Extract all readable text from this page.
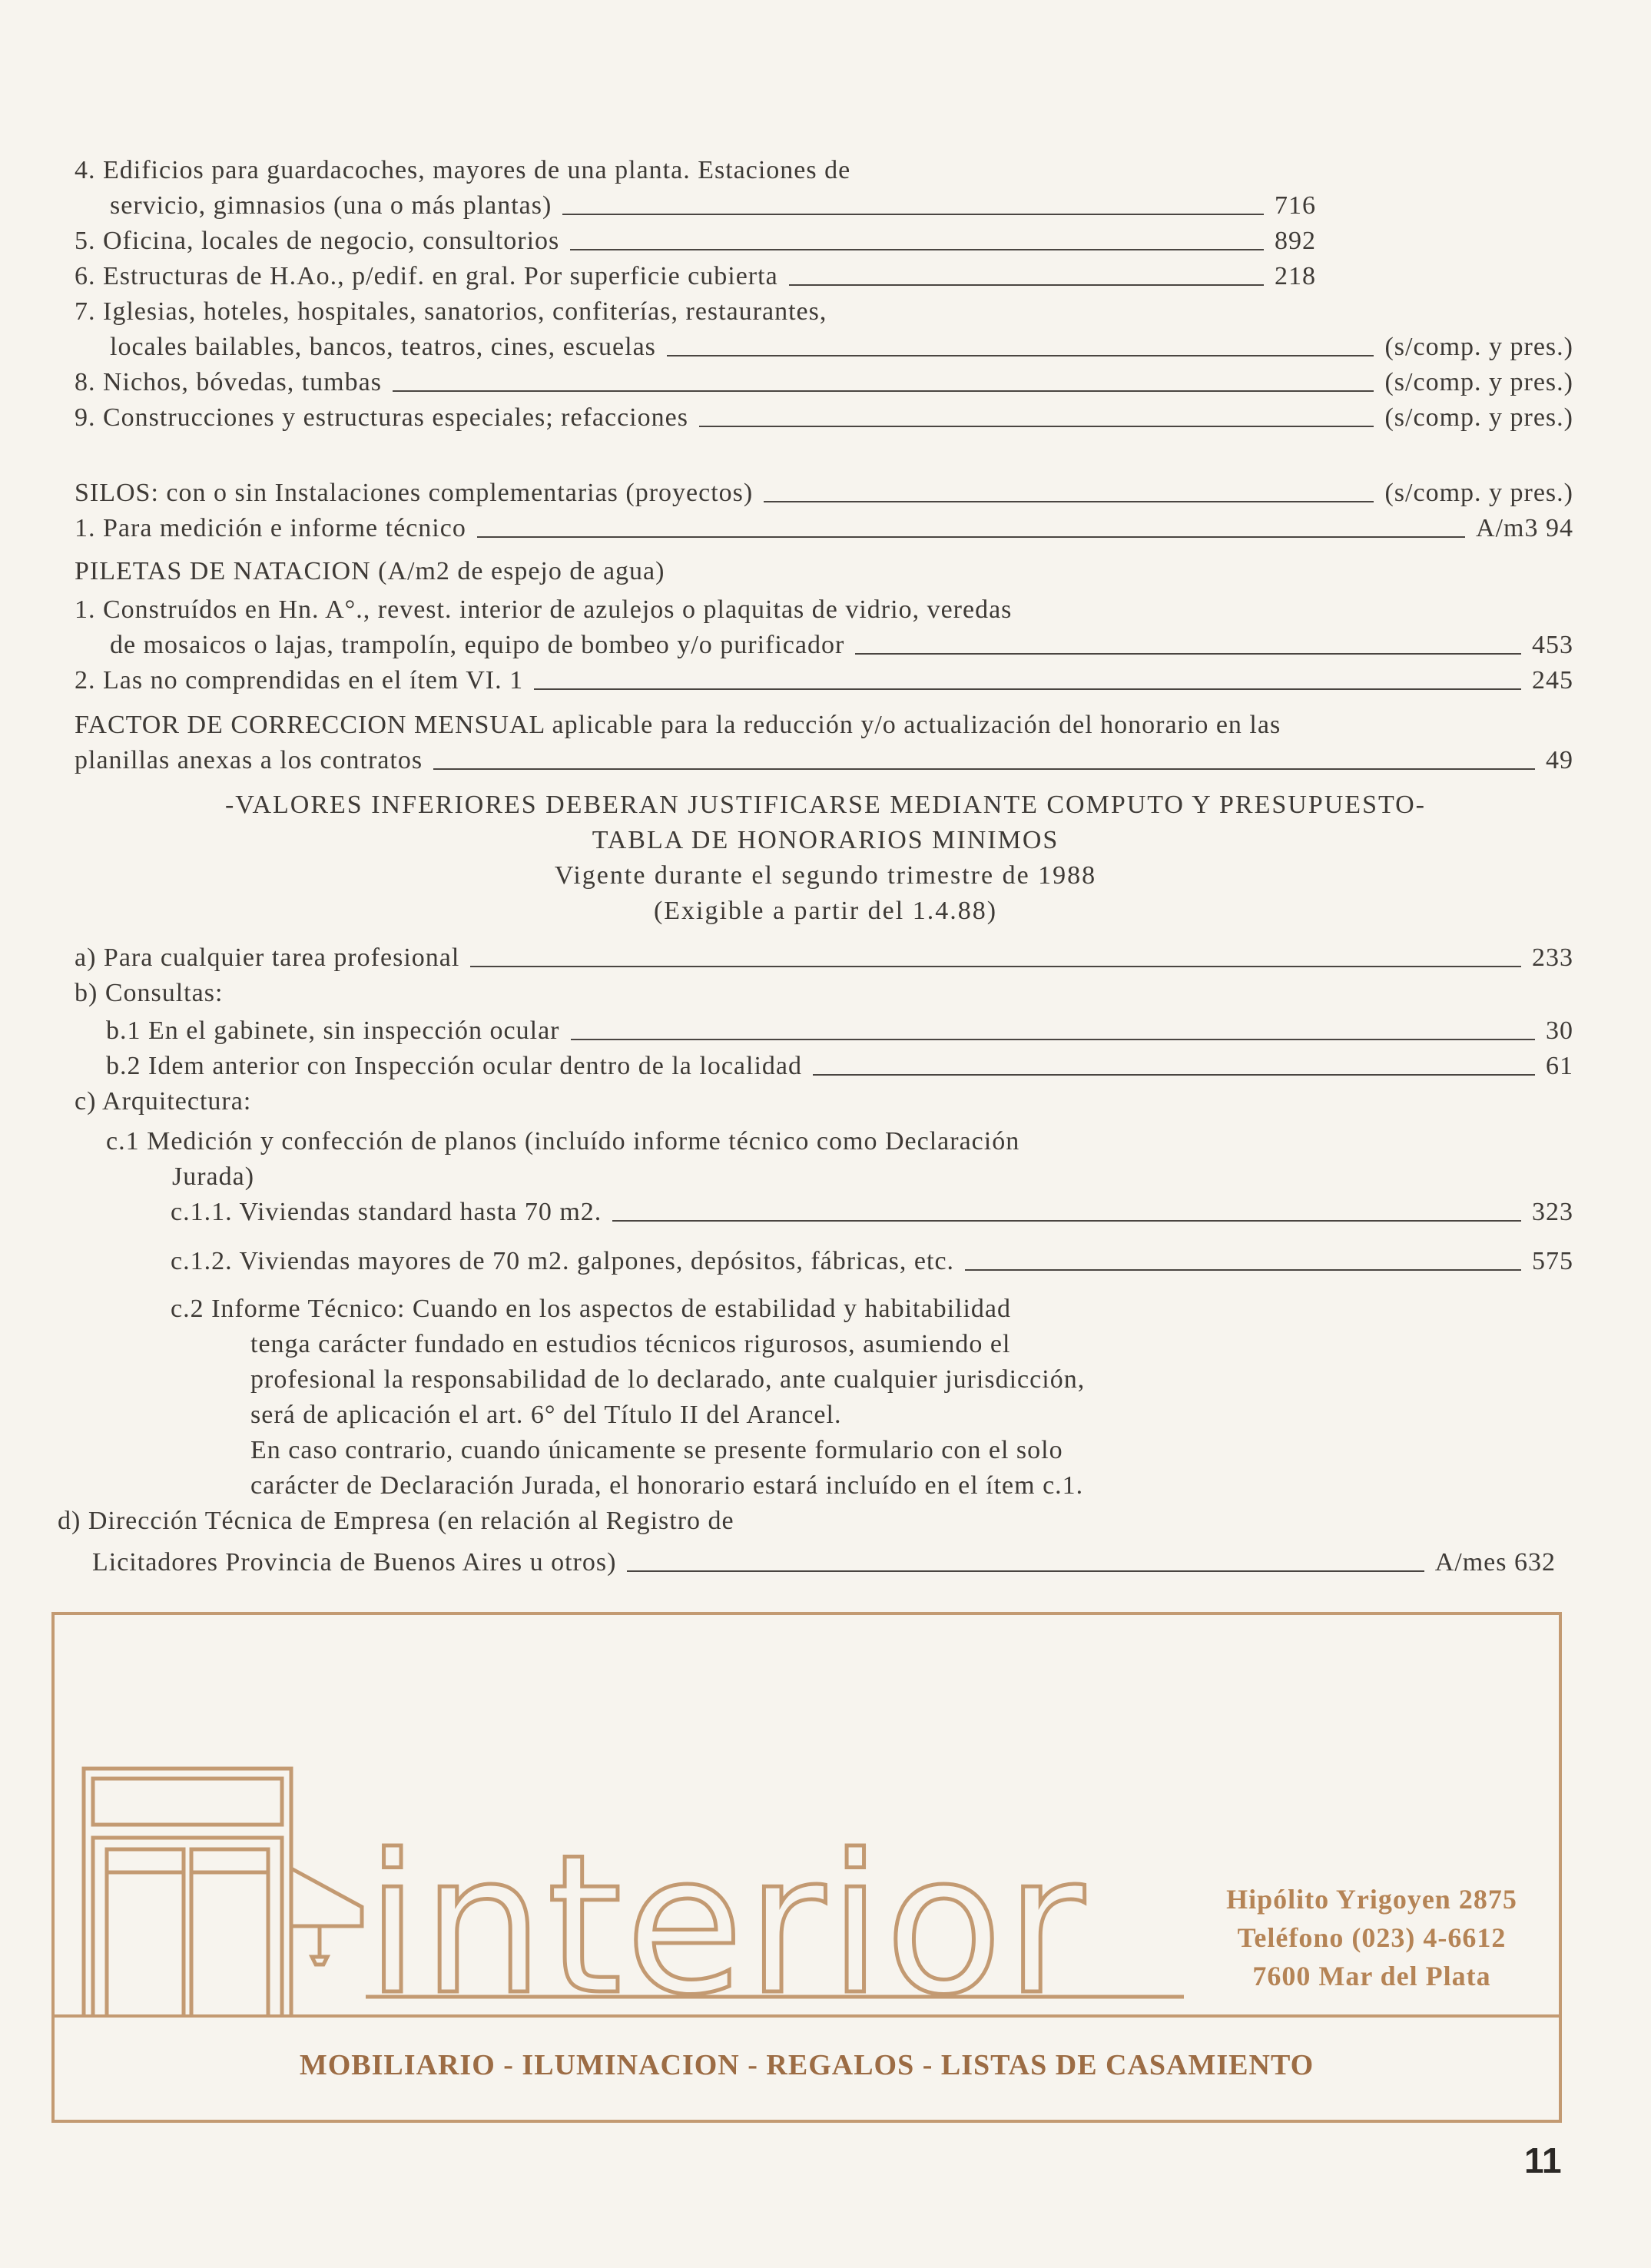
4. Edificios para guardacoches, mayores de una planta. Estaciones de
servicio, gimnasios (una o más plantas)	716
5. Oficina, locales de negocio, consultorios	892
6. Estructuras de H.Ao., p/edif. en gral. Por superficie cubierta	218
7. Iglesias, hoteles, hospitales, sanatorios, confiterías, restaurantes,
locales bailables, bancos, teatros, cines, escuelas	(s/comp. y pres.)
8. Nichos, bóvedas, tumbas	(s/comp. y pres.)
9. Construcciones y estructuras especiales; refacciones	(s/comp. y pres.)
SILOS: con o sin Instalaciones complementarias (proyectos)	(s/comp. y pres.)
1. Para medición e informe técnico	A/m3 94
PILETAS DE NATACION (A/m2 de espejo de agua)
1. Construídos en Hn. A°., revest. interior de azulejos o plaquitas de vidrio, veredas
de mosaicos o lajas, trampolín, equipo de bombeo y/o purificador	453
2. Las no comprendidas en el ítem VI. 1	245
FACTOR DE CORRECCION MENSUAL aplicable para la reducción y/o actualización del honorario en las
planillas anexas a los contratos	49
-VALORES INFERIORES DEBERAN JUSTIFICARSE MEDIANTE COMPUTO Y PRESUPUESTO-
TABLA DE HONORARIOS MINIMOS
Vigente durante el segundo trimestre de 1988
(Exigible a partir del 1.4.88)
a) Para cualquier tarea profesional	233
b) Consultas:
b.1 En el gabinete, sin inspección ocular	30
b.2 Idem anterior con Inspección ocular dentro de la localidad	61
c) Arquitectura:
c.1 Medición y confección de planos (incluído informe técnico como Declaración
Jurada)
c.1.1. Viviendas standard hasta 70 m2.	323
c.1.2. Viviendas mayores de 70 m2. galpones, depósitos, fábricas, etc.	575
c.2 Informe Técnico: Cuando en los aspectos de estabilidad y habitabilidad
tenga carácter fundado en estudios técnicos rigurosos, asumiendo el
profesional la responsabilidad de lo declarado, ante cualquier jurisdicción,
será de aplicación el art. 6° del Título II del Arancel.
En caso contrario, cuando únicamente se presente formulario con el solo
carácter de Declaración Jurada, el honorario estará incluído en el ítem c.1.
d) Dirección Técnica de Empresa (en relación al Registro de
Licitadores Provincia de Buenos Aires u otros)	A/mes 632
interior	Hipólito Yrigoyen 2875
Teléfono (023) 4-6612
7600 Mar del Plata
MOBILIARIO - ILUMINACION - REGALOS - LISTAS DE CASAMIENTO
11
